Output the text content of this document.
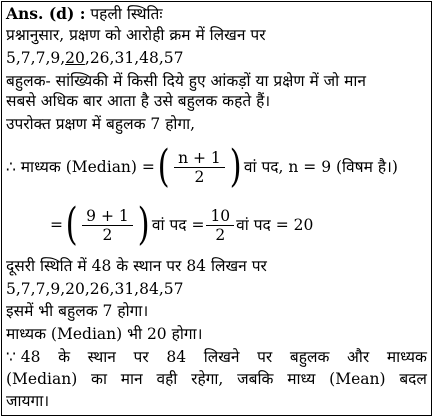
Ans. (d) : पहली स्थितिः
प्रश्नानुसार, प्रक्षण को आरोही क्रम में लिखन पर
5,7,7,9,20,26,31,48,57
बहुलक- सांख्यिकी में किसी दिये हुए आंकड़ों या प्रक्षेण में जो मान
सबसे अधिक बार आता है उसे बहुलक कहते हैं।
उपरोक्त प्रक्षण में बहुलक 7 होगा,
∴ माध्यक (Median) = ( $\frac{n + 1}{2}$ ) वां पद, n = 9 (विषम है।)
= ( $\frac{9 + 1}{2}$ ) वां पद = $\frac{10}{2}$ वां पद = 20
दूसरी स्थिति में 48 के स्थान पर 84 लिखन पर
5,7,7,9,20,26,31,84,57
इसमें भी बहुलक 7 होगा।
माध्यक (Median) भी 20 होगा।
∵ 48 के स्थान पर 84 लिखने पर बहुलक और माध्यक
(Median) का मान वही रहेगा, जबकि माध्य (Mean) बदल
जायगा।
